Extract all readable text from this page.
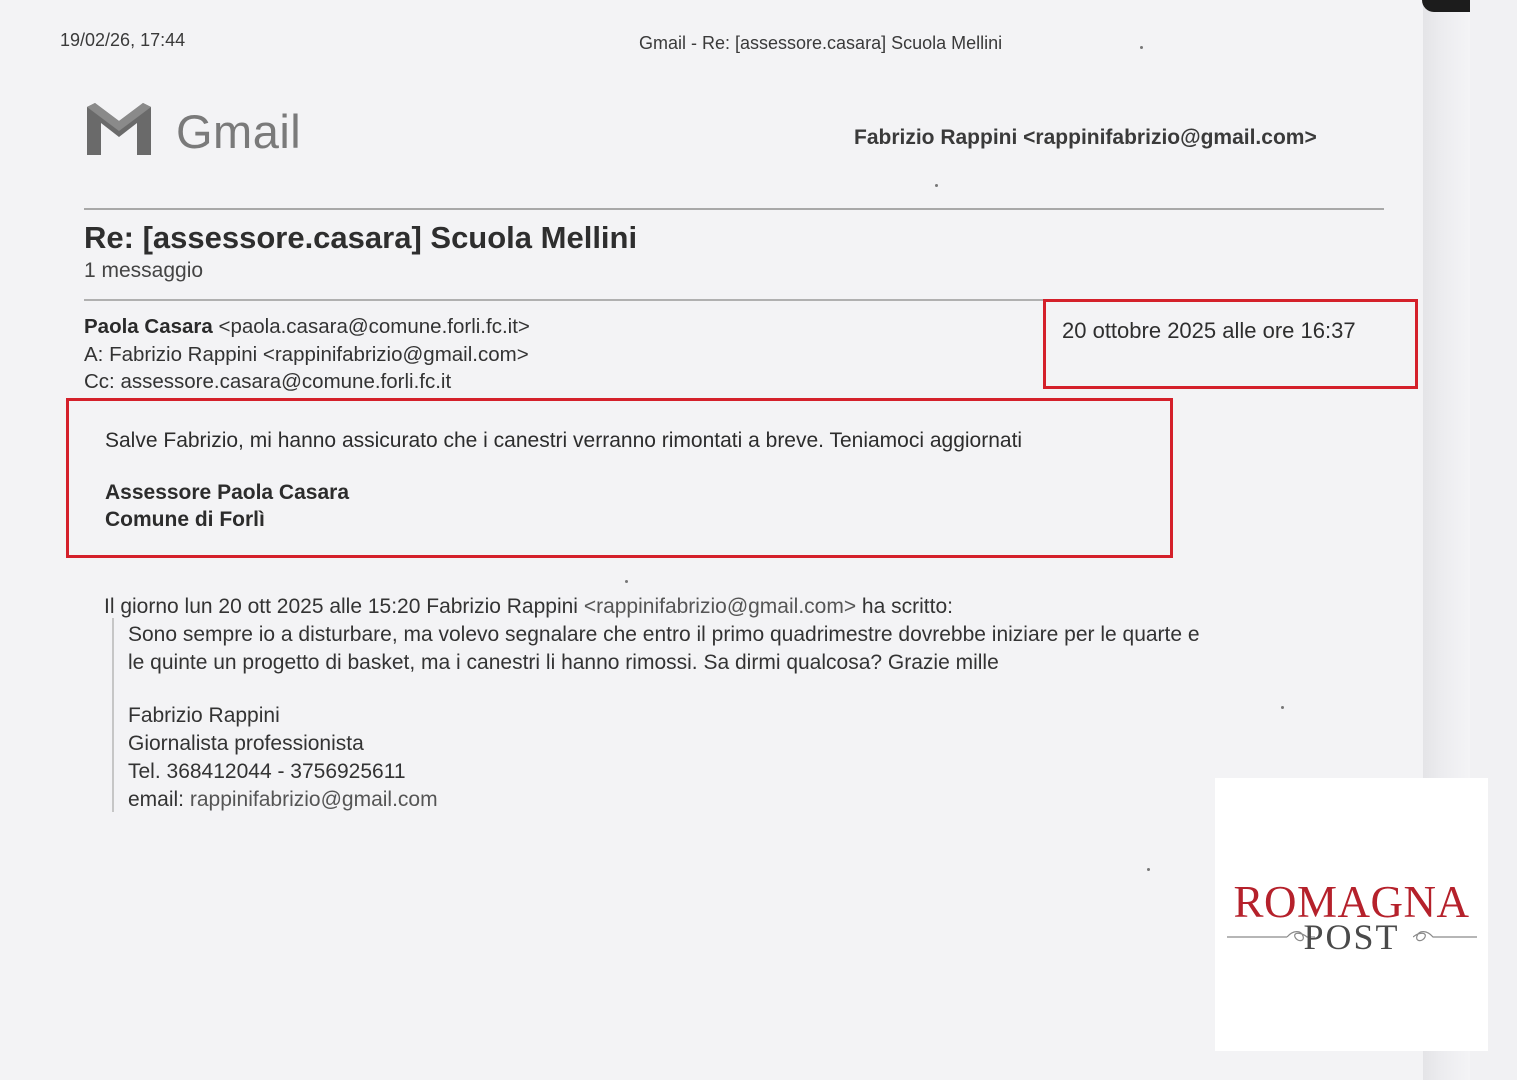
19/02/26, 17:44	Gmail - Re: [assessore.casara] Scuola Mellini
Gmail	Fabrizio Rappini <rappinifabrizio@gmail.com>
Re: [assessore.casara] Scuola Mellini
1 messaggio
Paola Casara <paola.casara@comune.forli.fc.it>
A: Fabrizio Rappini <rappinifabrizio@gmail.com>
Cc: assessore.casara@comune.forli.fc.it
20 ottobre 2025 alle ore 16:37
Salve Fabrizio, mi hanno assicurato che i canestri verranno rimontati a breve. Teniamoci aggiornati
Assessore Paola Casara
Comune di Forlì
Il giorno lun 20 ott 2025 alle 15:20 Fabrizio Rappini <rappinifabrizio@gmail.com> ha scritto:
Sono sempre io a disturbare, ma volevo segnalare che entro il primo quadrimestre dovrebbe iniziare per le quarte e
le quinte un progetto di basket, ma i canestri li hanno rimossi. Sa dirmi qualcosa? Grazie mille
Fabrizio Rappini
Giornalista professionista
Tel. 368412044 - 3756925611
email: rappinifabrizio@gmail.com
ROMAGNA
POST
